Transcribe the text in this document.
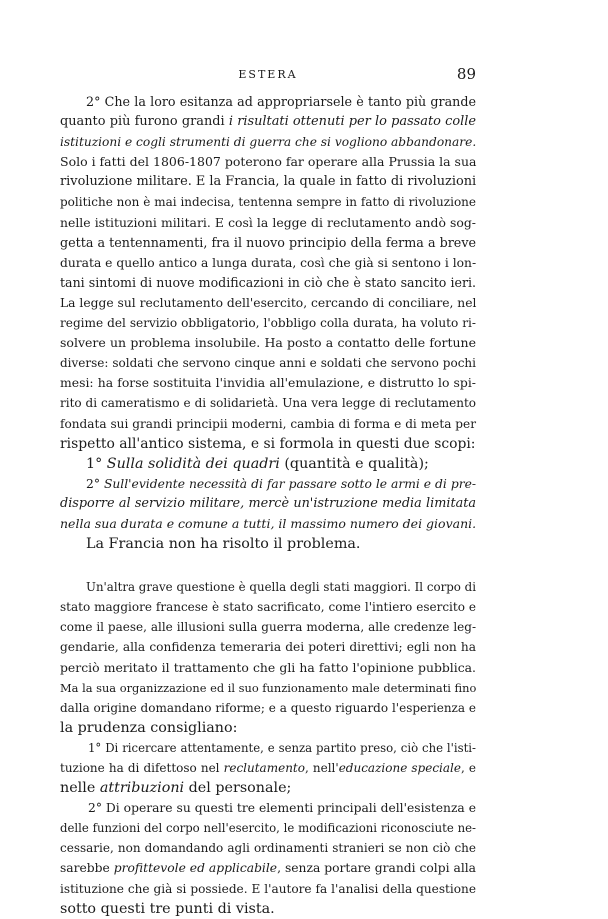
ESTERA	89
2° Che la loro esitanza ad appropriarsele è tanto più grande
quanto più furono grandi i risultati ottenuti per lo passato colle
istituzioni e cogli strumenti di guerra che si vogliono abbandonare.
Solo i fatti del 1806-1807 poterono far operare alla Prussia la sua
rivoluzione militare. E la Francia, la quale in fatto di rivoluzioni
politiche non è mai indecisa, tentenna sempre in fatto di rivoluzione
nelle istituzioni militari. E così la legge di reclutamento andò sog-
getta a tentennamenti, fra il nuovo principio della ferma a breve
durata e quello antico a lunga durata, così che già si sentono i lon-
tani sintomi di nuove modificazioni in ciò che è stato sancito ieri.
La legge sul reclutamento dell'esercito, cercando di conciliare, nel
regime del servizio obbligatorio, l'obbligo colla durata, ha voluto ri-
solvere un problema insolubile. Ha posto a contatto delle fortune
diverse: soldati che servono cinque anni e soldati che servono pochi
mesi: ha forse sostituita l'invidia all'emulazione, e distrutto lo spi-
rito di cameratismo e di solidarietà. Una vera legge di reclutamento
fondata sui grandi principii moderni, cambia di forma e di meta per
rispetto all'antico sistema, e si formola in questi due scopi:
1° Sulla solidità dei quadri (quantità e qualità);
2° Sull'evidente necessità di far passare sotto le armi e di pre-
disporre al servizio militare, mercè un'istruzione media limitata
nella sua durata e comune a tutti, il massimo numero dei giovani.
La Francia non ha risolto il problema.
Un'altra grave questione è quella degli stati maggiori. Il corpo di
stato maggiore francese è stato sacrificato, come l'intiero esercito e
come il paese, alle illusioni sulla guerra moderna, alle credenze leg-
gendarie, alla confidenza temeraria dei poteri direttivi; egli non ha
perciò meritato il trattamento che gli ha fatto l'opinione pubblica.
Ma la sua organizzazione ed il suo funzionamento male determinati fino
dalla origine domandano riforme; e a questo riguardo l'esperienza e
la prudenza consigliano:
1° Di ricercare attentamente, e senza partito preso, ciò che l'isti-
tuzione ha di difettoso nel reclutamento, nell'educazione speciale, e
nelle attribuzioni del personale;
2° Di operare su questi tre elementi principali dell'esistenza e
delle funzioni del corpo nell'esercito, le modificazioni riconosciute ne-
cessarie, non domandando agli ordinamenti stranieri se non ciò che
sarebbe profittevole ed applicabile, senza portare grandi colpi alla
istituzione che già si possiede. E l'autore fa l'analisi della questione
sotto questi tre punti di vista.
